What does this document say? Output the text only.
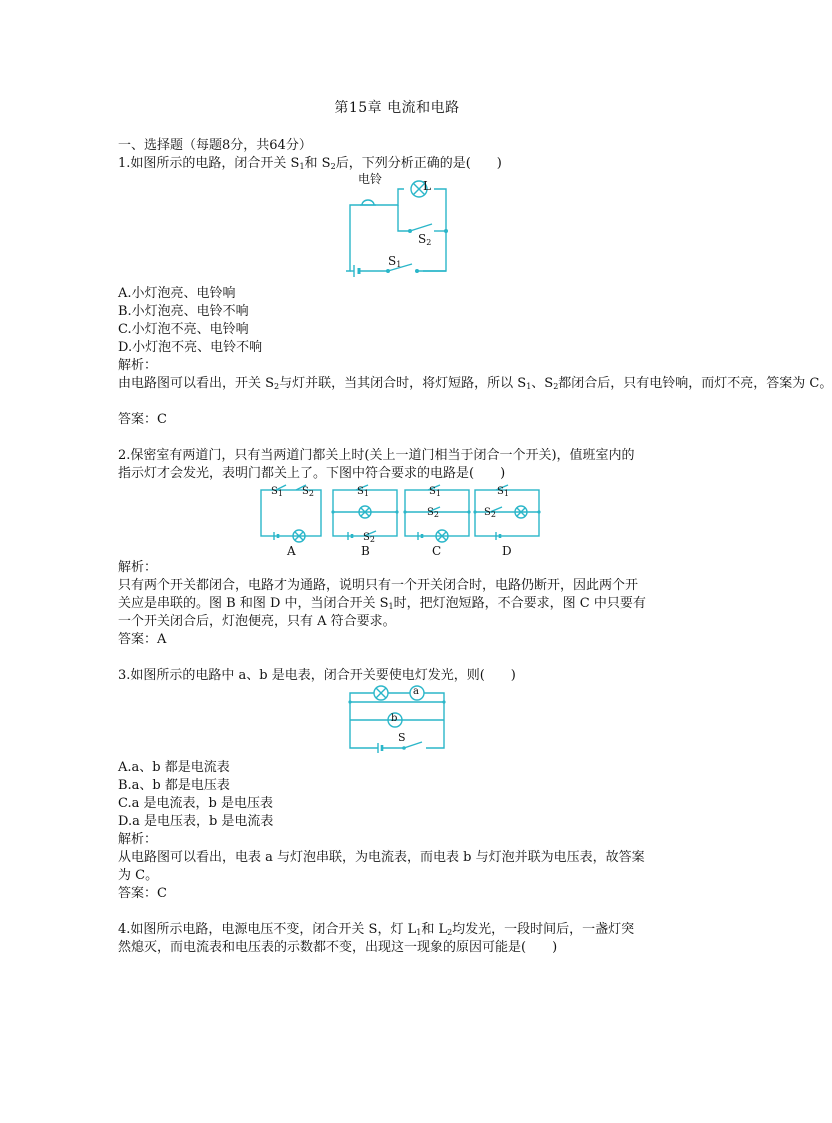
第15章 电流和电路
一、选择题（每题8分，共64分）
1.如图所示的电路，闭合开关 $S_1$和 $S_2$后，下列分析正确的是(　　)
电铃	L
$S_2$
$S_1$
A.小灯泡亮、电铃响
B.小灯泡亮、电铃不响
C.小灯泡不亮、电铃响
D.小灯泡不亮、电铃不响
解析：
由电路图可以看出，开关 $S_2$与灯并联，当其闭合时，将灯短路，所以 $S_1$、$S_2$都闭合后，只有电铃响，而灯不亮，答案为 C。
答案：C
2.保密室有两道门，只有当两道门都关上时(关上一道门相当于闭合一个开关)，值班室内的
指示灯才会发光，表明门都关上了。下图中符合要求的电路是(　　)
$S_1$ $S_2$	$S_1$
$S_2$
$S_1$
$S_2$
$S_1$
$S_2$
A	B	C	D
解析：
只有两个开关都闭合，电路才为通路，说明只有一个开关闭合时，电路仍断开，因此两个开
关应是串联的。图 B 和图 D 中，当闭合开关 $S_1$时，把灯泡短路，不合要求，图 C 中只要有
一个开关闭合后，灯泡便亮，只有 A 符合要求。
答案：A
3.如图所示的电路中 a、b 是电表，闭合开关要使电灯发光，则(　　)
a
b
S
A.a、b 都是电流表
B.a、b 都是电压表
C.a 是电流表，b 是电压表
D.a 是电压表，b 是电流表
解析：
从电路图可以看出，电表 a 与灯泡串联，为电流表，而电表 b 与灯泡并联为电压表，故答案
为 C。
答案：C
4.如图所示电路，电源电压不变，闭合开关 S，灯 $L_1$和 $L_2$均发光，一段时间后，一盏灯突
然熄灭，而电流表和电压表的示数都不变，出现这一现象的原因可能是(　　)
